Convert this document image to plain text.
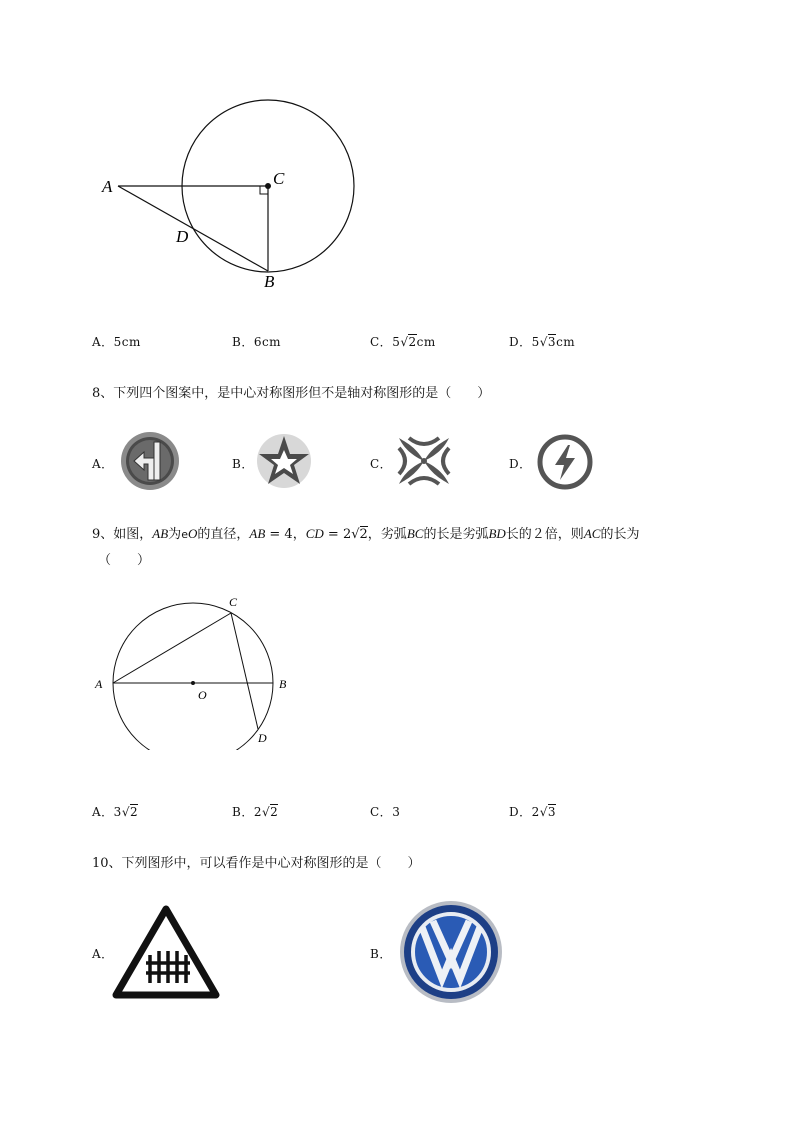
A	C
D
B
A．5cm	B．6cm	C．5√2cm	D．5√3cm
8、下列四个图案中，是中心对称图形但不是轴对称图形的是（　　）
A．	B．	C．	D．
9、如图，AB为eO的直径，AB = 4，CD = 2√2，劣弧BC的长是劣弧BD长的２倍，则AC的长为
（　　）
A	B
C
D
O
A．3√2	B．2√2	C．3	D．2√3
10、下列图形中，可以看作是中心对称图形的是（　　）
A．	B．
